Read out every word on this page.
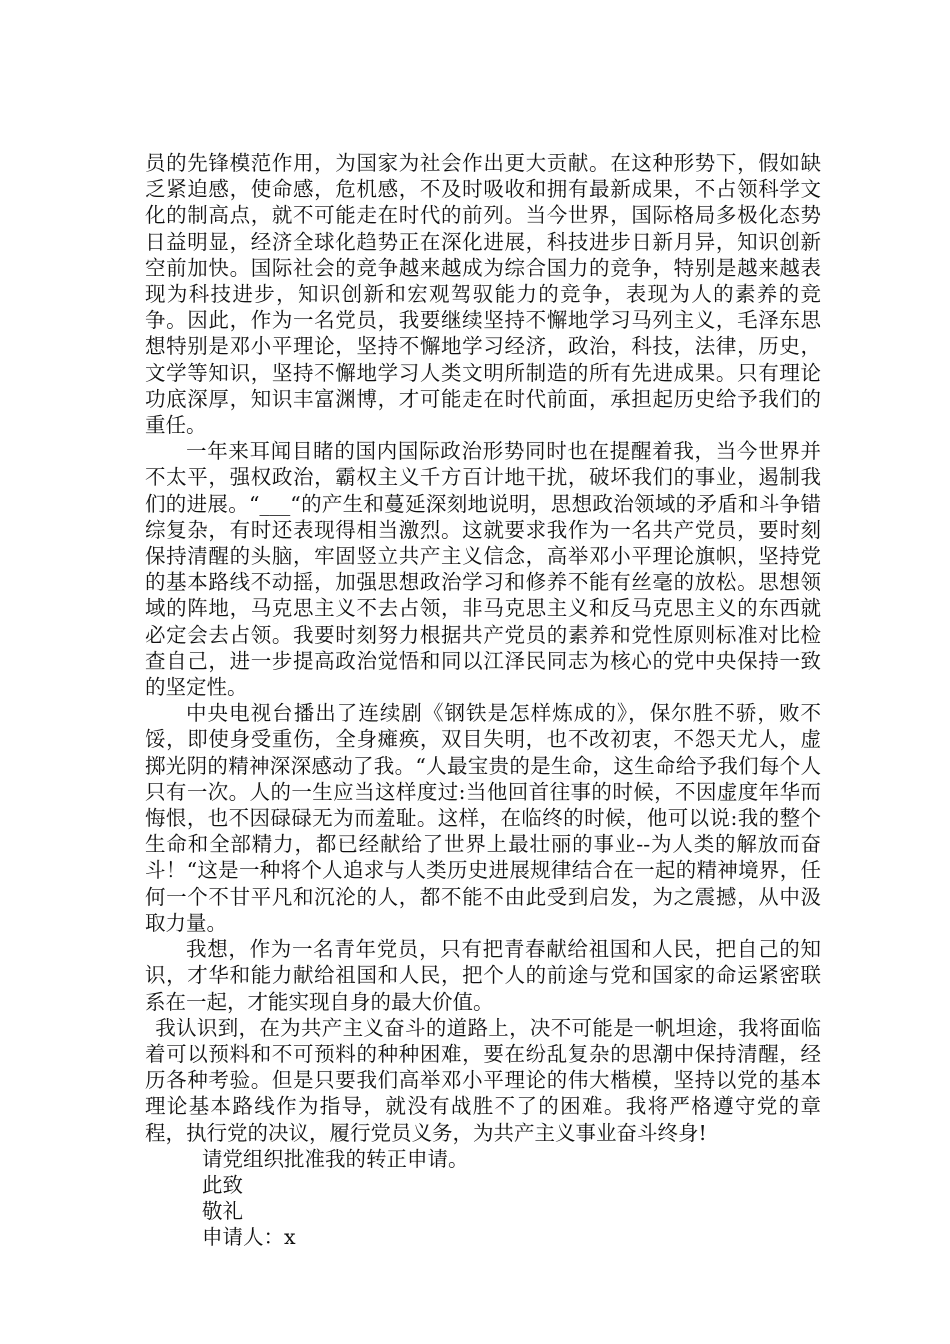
员的先锋模范作用，为国家为社会作出更大贡献。在这种形势下，假如缺乏紧迫感，使命感，危机感，不及时吸收和拥有最新成果，不占领科学文化的制高点，就不可能走在时代的前列。当今世界，国际格局多极化态势日益明显，经济全球化趋势正在深化进展，科技进步日新月异，知识创新空前加快。国际社会的竞争越来越成为综合国力的竞争，特别是越来越表现为科技进步，知识创新和宏观驾驭能力的竞争，表现为人的素养的竞争。因此，作为一名党员，我要继续坚持不懈地学习马列主义，毛泽东思想特别是邓小平理论，坚持不懈地学习经济，政治，科技，法律，历史，文学等知识，坚持不懈地学习人类文明所制造的所有先进成果。只有理论功底深厚，知识丰富渊博，才可能走在时代前面，承担起历史给予我们的重任。

一年来耳闻目睹的国内国际政治形势同时也在提醒着我，当今世界并不太平，强权政治，霸权主义千方百计地干扰，破坏我们的事业，遏制我们的进展。“___“的产生和蔓延深刻地说明，思想政治领域的矛盾和斗争错综复杂，有时还表现得相当激烈。这就要求我作为一名共产党员，要时刻保持清醒的头脑，牢固竖立共产主义信念，高举邓小平理论旗帜，坚持党的基本路线不动摇，加强思想政治学习和修养不能有丝毫的放松。思想领域的阵地，马克思主义不去占领，非马克思主义和反马克思主义的东西就必定会去占领。我要时刻努力根据共产党员的素养和党性原则标准对比检查自己，进一步提高政治觉悟和同以江泽民同志为核心的党中央保持一致的坚定性。

中央电视台播出了连续剧《钢铁是怎样炼成的》，保尔胜不骄，败不馁，即使身受重伤，全身瘫痪，双目失明，也不改初衷，不怨天尤人，虚掷光阴的精神深深感动了我。“人最宝贵的是生命，这生命给予我们每个人只有一次。人的一生应当这样度过:当他回首往事的时候，不因虚度年华而悔恨，也不因碌碌无为而羞耻。这样，在临终的时候，他可以说:我的整个生命和全部精力，都已经献给了世界上最壮丽的事业--为人类的解放而奋斗！“这是一种将个人追求与人类历史进展规律结合在一起的精神境界，任何一个不甘平凡和沉沦的人，都不能不由此受到启发，为之震撼，从中汲取力量。

我想，作为一名青年党员，只有把青春献给祖国和人民，把自己的知识，才华和能力献给祖国和人民，把个人的前途与党和国家的命运紧密联系在一起，才能实现自身的最大价值。

我认识到，在为共产主义奋斗的道路上，决不可能是一帆坦途，我将面临着可以预料和不可预料的种种困难，要在纷乱复杂的思潮中保持清醒，经历各种考验。但是只要我们高举邓小平理论的伟大楷模，坚持以党的基本理论基本路线作为指导，就没有战胜不了的困难。我将严格遵守党的章程，执行党的决议，履行党员义务，为共产主义事业奋斗终身!

请党组织批准我的转正申请。

此致

敬礼

申请人：x
